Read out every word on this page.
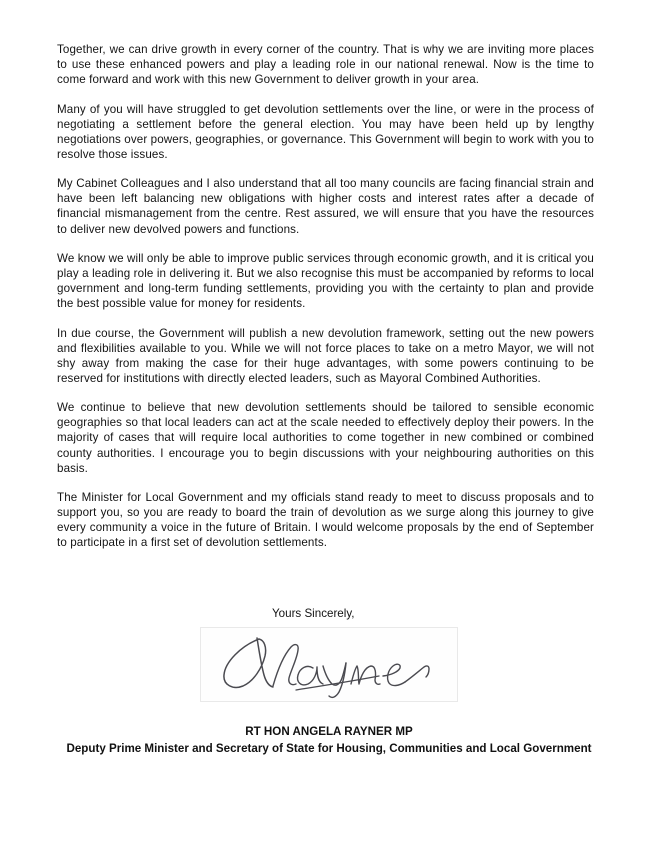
Together, we can drive growth in every corner of the country. That is why we are inviting more places to use these enhanced powers and play a leading role in our national renewal. Now is the time to come forward and work with this new Government to deliver growth in your area.

Many of you will have struggled to get devolution settlements over the line, or were in the process of negotiating a settlement before the general election. You may have been held up by lengthy negotiations over powers, geographies, or governance. This Government will begin to work with you to resolve those issues.

My Cabinet Colleagues and I also understand that all too many councils are facing financial strain and have been left balancing new obligations with higher costs and interest rates after a decade of financial mismanagement from the centre. Rest assured, we will ensure that you have the resources to deliver new devolved powers and functions.

We know we will only be able to improve public services through economic growth, and it is critical you play a leading role in delivering it. But we also recognise this must be accompanied by reforms to local government and long-term funding settlements, providing you with the certainty to plan and provide the best possible value for money for residents.

In due course, the Government will publish a new devolution framework, setting out the new powers and flexibilities available to you. While we will not force places to take on a metro Mayor, we will not shy away from making the case for their huge advantages, with some powers continuing to be reserved for institutions with directly elected leaders, such as Mayoral Combined Authorities.

We continue to believe that new devolution settlements should be tailored to sensible economic geographies so that local leaders can act at the scale needed to effectively deploy their powers. In the majority of cases that will require local authorities to come together in new combined or combined county authorities. I encourage you to begin discussions with your neighbouring authorities on this basis.

The Minister for Local Government and my officials stand ready to meet to discuss proposals and to support you, so you are ready to board the train of devolution as we surge along this journey to give every community a voice in the future of Britain. I would welcome proposals by the end of September to participate in a first set of devolution settlements.

Yours Sincerely,

RT HON ANGELA RAYNER MP

Deputy Prime Minister and Secretary of State for Housing, Communities and Local Government
